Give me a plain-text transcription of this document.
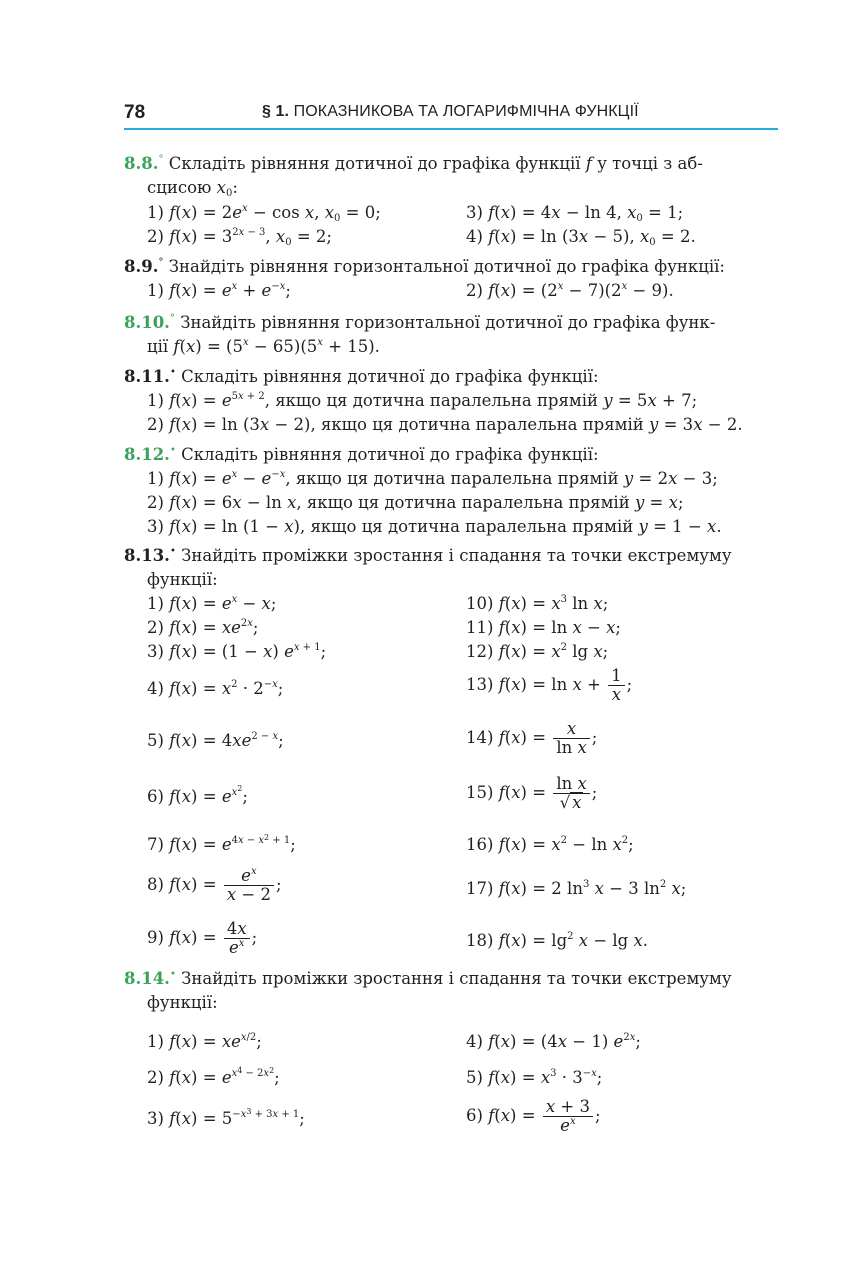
78	§ 1. ПОКАЗНИКОВА ТА ЛОГАРИФМІЧНА ФУНКЦІЇ
8.8.° Складіть рівняння дотичної до графіка функції f у точці з аб-
сцисою $x_0$:
1) $f(x) = 2e^x - \cos x$, $x_0 = 0$;	3) f(x) = 4x − ln 4, $x_0 = 1$;
2) $f(x) = 3^{2x - 3}$, $x_0 = 2$;	4) f(x) = ln (3x − 5), $x_0 = 2$.
8.9.° Знайдіть рівняння горизонтальної дотичної до графіка функції:
1) $f(x) = e^x + e^{-x}$;	2) $f(x) = (2^x - 7)(2^x - 9)$.
8.10.° Знайдіть рівняння горизонтальної дотичної до графіка функ-
ції $f(x) = (5^x - 65)(5^x + 15)$.
8.11.• Складіть рівняння дотичної до графіка функції:
1) $f(x) = e^{5x + 2}$, якщо ця дотична паралельна прямій y = 5x + 7;
2) f(x) = ln (3x − 2), якщо ця дотична паралельна прямій y = 3x − 2.
8.12.• Складіть рівняння дотичної до графіка функції:
1) $f(x) = e^x - e^{-x}$, якщо ця дотична паралельна прямій y = 2x − 3;
2) f(x) = 6x − ln x, якщо ця дотична паралельна прямій y = x;
3) f(x) = ln (1 − x), якщо ця дотична паралельна прямій y = 1 − x.
8.13.• Знайдіть проміжки зростання і спадання та точки екстремуму
функції:
1) $f(x) = e^x - x$;	10) $f(x) = x^3$ ln x;
2) $f(x) = xe^{2x}$;	11) f(x) = ln x − x;
3) f(x) = (1 − x) $e^{x + 1}$;	12) $f(x) = x^2$ lg x;
4) $f(x) = x^2 \cdot 2^{-x}$;	13) $f(x) = \ln x + \frac{1}{x}$ ;
5) $f(x) = 4xe^{2 - x}$;	14) $f(x) = \frac{x}{\text{ln x}}$ ;
6) $f(x) = e^{x^2}$;	15) $f(x) = \frac{\text{ln x}}{√ x}$ ;
7) $f(x) = e^{4x - x^2 + 1}$;	16) $f(x) = x^2 - \ln x^2$;
8) $f(x) = \frac{e^x}{x - 2}$ ;	17) f(x) = 2 $\ln^3 x - 3$ $\ln^2 x$;
9) $f(x) = \frac{4x}{e^x}$ ;	18) $f(x) = \lg^2 x - \lg x$.
8.14.• Знайдіть проміжки зростання і спадання та точки екстремуму
функції:
1) $f(x) = xe^{x/2}$;	4) f(x) = (4x − 1) $e^{2x}$;
2) $f(x) = e^{x^4 - 2x^2}$;	5) $f(x) = x^3 \cdot 3^{-x}$;
3) $f(x) = 5^{-x^3 + 3x + 1}$;	6) $f(x) = \frac{x + 3}{e^x}$ ;
